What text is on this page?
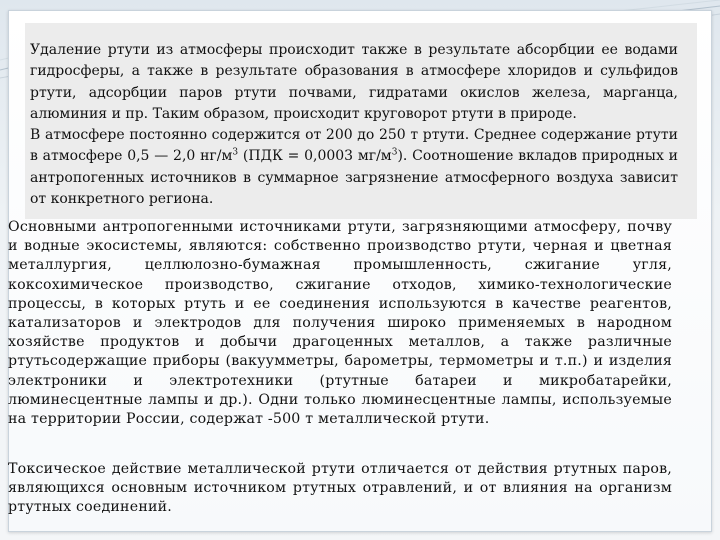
Удаление ртути из атмосферы происходит также в результате абсорбции ее водами гидросферы, а также в результате образования в атмосфере хлоридов и сульфидов ртути, адсорбции паров ртути почвами, гидратами окислов железа, марганца, алюминия и пр. Таким образом, происходит круговорот ртути в природе.
В атмосфере постоянно содержится от 200 до 250 т ртути. Среднее содержание ртути в атмосфере 0,5 — 2,0 $нг/м^3$ (ПДК = 0,0003 $мг/м^3$). Соотношение вкладов природных и антропогенных источников в суммарное загрязнение атмосферного воздуха зависит от конкретного региона.

Основными антропогенными источниками ртути, загрязняющими атмосферу, почву и водные экосистемы, являются: собственно производство ртути, черная и цветная металлургия, целлюлозно-бумажная промышленность, сжигание угля, коксохимическое производство, сжигание отходов, химико-технологические процессы, в которых ртуть и ее соединения используются в качестве реагентов, катализаторов и электродов для получения широко применяемых в народном хозяйстве продуктов и добычи драгоценных металлов, а также различные ртутьсодержащие приборы (вакуумметры, барометры, термометры и т.п.) и изделия электроники и электротехники (ртутные батареи и микробатарейки, люминесцентные лампы и др.). Одни только люминесцентные лампы, используемые на территории России, содержат -500 т металлической ртути.

Токсическое действие металлической ртути отличается от действия ртутных паров, являющихся основным источником ртутных отравлений, и от влияния на организм ртутных соединений.
